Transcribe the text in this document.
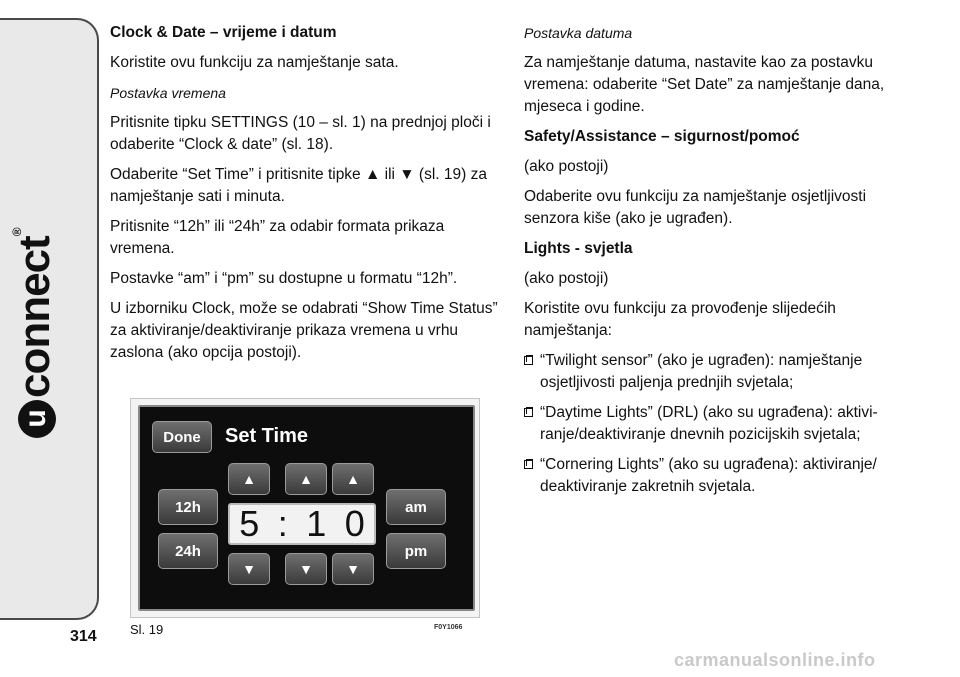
uconnect®
314

Clock & Date – vrijeme i datum

Koristite ovu funkciju za namještanje sata.

Postavka vremena

Pritisnite tipku SETTINGS (10 – sl. 1) na prednjoj ploči i odaberite “Clock & date” (sl. 18).

Odaberite “Set Time” i pritisnite tipke ▲ ili ▼ (sl. 19) za namještanje sati i minuta.

Pritisnite “12h” ili “24h” za odabir formata prikaza vremena.

Postavke “am” i “pm” su dostupne u formatu “12h”.

U izborniku Clock, može se odabrati “Show Time Status” za aktiviranje/deaktiviranje prikaza vremena u vrhu zaslona (ako opcija postoji).

Postavka datuma

Za namještanje datuma, nastavite kao za postavku vremena: odaberite “Set Date” za namještanje dana, mjeseca i godine.

Safety/Assistance – sigurnost/pomoć

(ako postoji)

Odaberite ovu funkciju za namještanje osjetljivosti senzora kiše (ako je ugrađen).

Lights - svjetla

(ako postoji)

Koristite ovu funkciju za provođenje slijedećih namještanja:

“Twilight sensor” (ako je ugrađen): namještanje osjetljivosti paljenja prednjih svjetala;
“Daytime Lights” (DRL) (ako su ugrađena): aktivi-ranje/deaktiviranje dnevnih pozicijskih svjetala;
“Cornering Lights” (ako su ugrađena): aktiviranje/ deaktiviranje zakretnih svjetala.
Done	Set Time
▲	▲	▲
12h
24h
5 : 1 0	am
pm
▼	▼	▼
Sl. 19	F0Y1066
carmanualsonline.info
